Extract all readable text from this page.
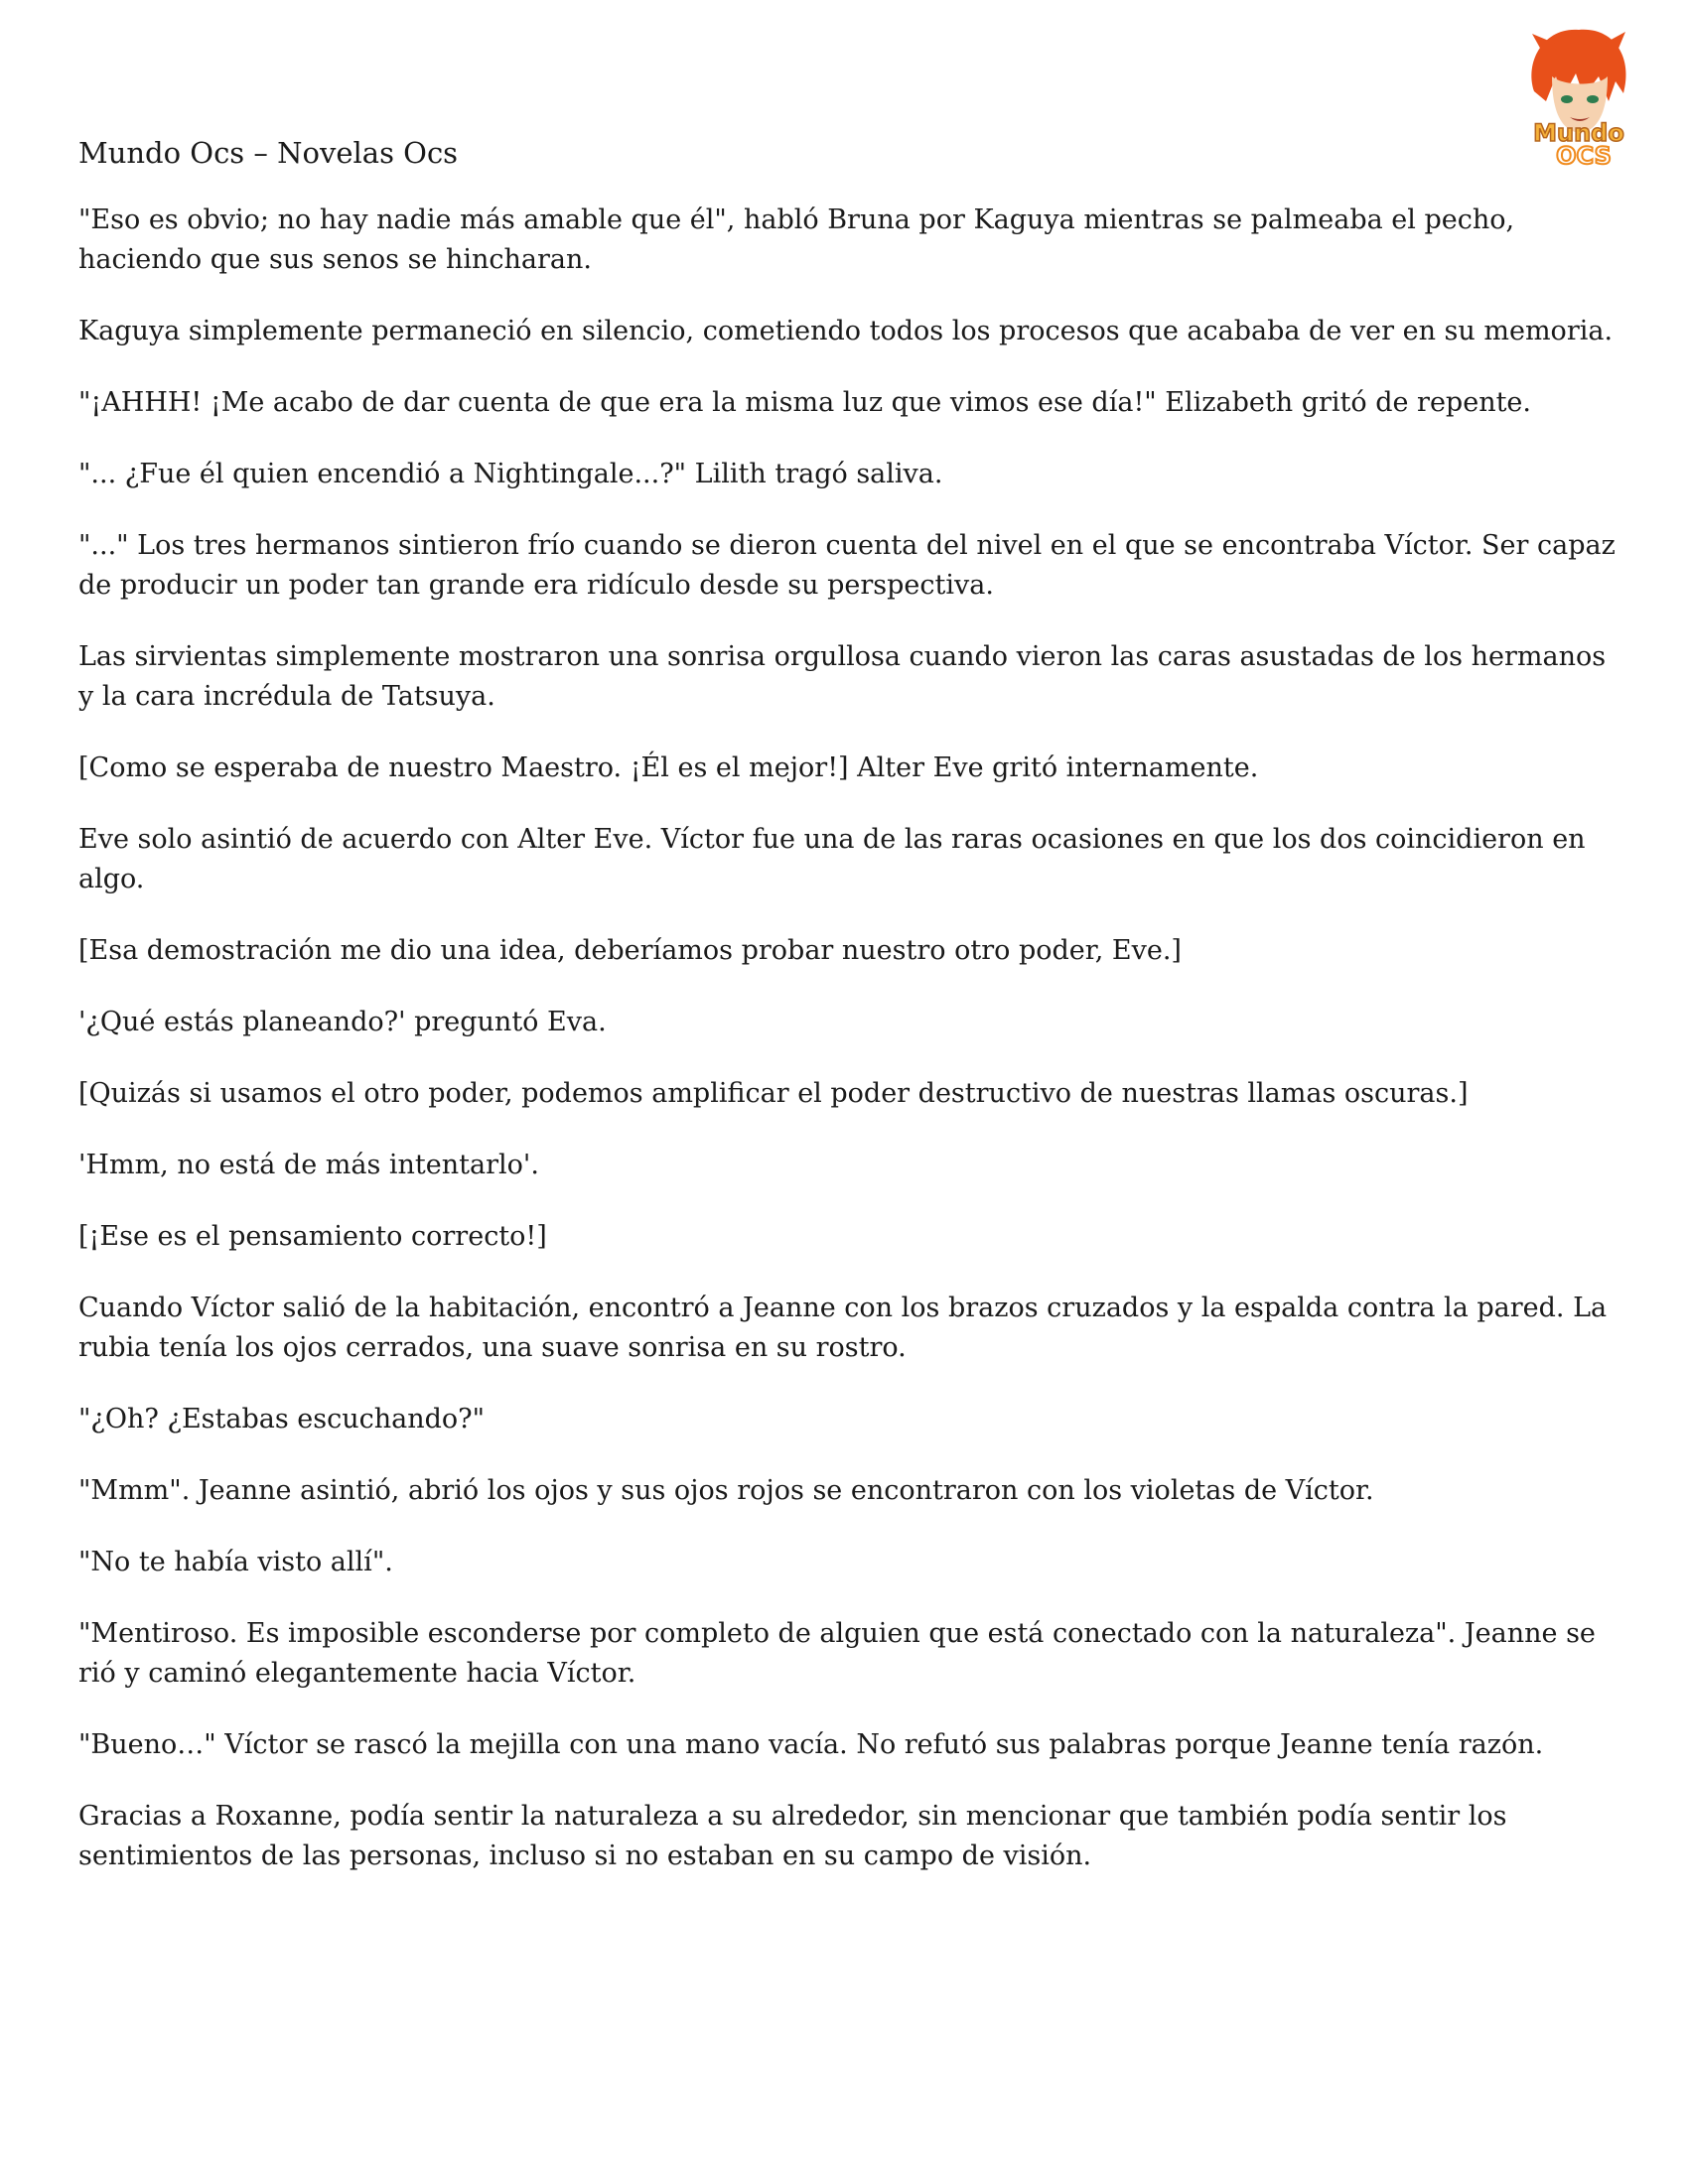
Mundo
OCS
Mundo Ocs – Novelas Ocs

"Eso es obvio; no hay nadie más amable que él", habló Bruna por Kaguya mientras se palmeaba el pecho, haciendo que sus senos se hincharan.

Kaguya simplemente permaneció en silencio, cometiendo todos los procesos que acababa de ver en su memoria.

"¡AHHH! ¡Me acabo de dar cuenta de que era la misma luz que vimos ese día!" Elizabeth gritó de repente.

"... ¿Fue él quien encendió a Nightingale...?" Lilith tragó saliva.

"..." Los tres hermanos sintieron frío cuando se dieron cuenta del nivel en el que se encontraba Víctor. Ser capaz de producir un poder tan grande era ridículo desde su perspectiva.

Las sirvientas simplemente mostraron una sonrisa orgullosa cuando vieron las caras asustadas de los hermanos y la cara incrédula de Tatsuya.

[Como se esperaba de nuestro Maestro. ¡Él es el mejor!] Alter Eve gritó internamente.

Eve solo asintió de acuerdo con Alter Eve. Víctor fue una de las raras ocasiones en que los dos coincidieron en algo.

[Esa demostración me dio una idea, deberíamos probar nuestro otro poder, Eve.]

'¿Qué estás planeando?' preguntó Eva.

[Quizás si usamos el otro poder, podemos amplificar el poder destructivo de nuestras llamas oscuras.]

'Hmm, no está de más intentarlo'.

[¡Ese es el pensamiento correcto!]

Cuando Víctor salió de la habitación, encontró a Jeanne con los brazos cruzados y la espalda contra la pared. La rubia tenía los ojos cerrados, una suave sonrisa en su rostro.

"¿Oh? ¿Estabas escuchando?"

"Mmm". Jeanne asintió, abrió los ojos y sus ojos rojos se encontraron con los violetas de Víctor.

"No te había visto allí".

"Mentiroso. Es imposible esconderse por completo de alguien que está conectado con la naturaleza". Jeanne se rió y caminó elegantemente hacia Víctor.

"Bueno…" Víctor se rascó la mejilla con una mano vacía. No refutó sus palabras porque Jeanne tenía razón.

Gracias a Roxanne, podía sentir la naturaleza a su alrededor, sin mencionar que también podía sentir los sentimientos de las personas, incluso si no estaban en su campo de visión.
